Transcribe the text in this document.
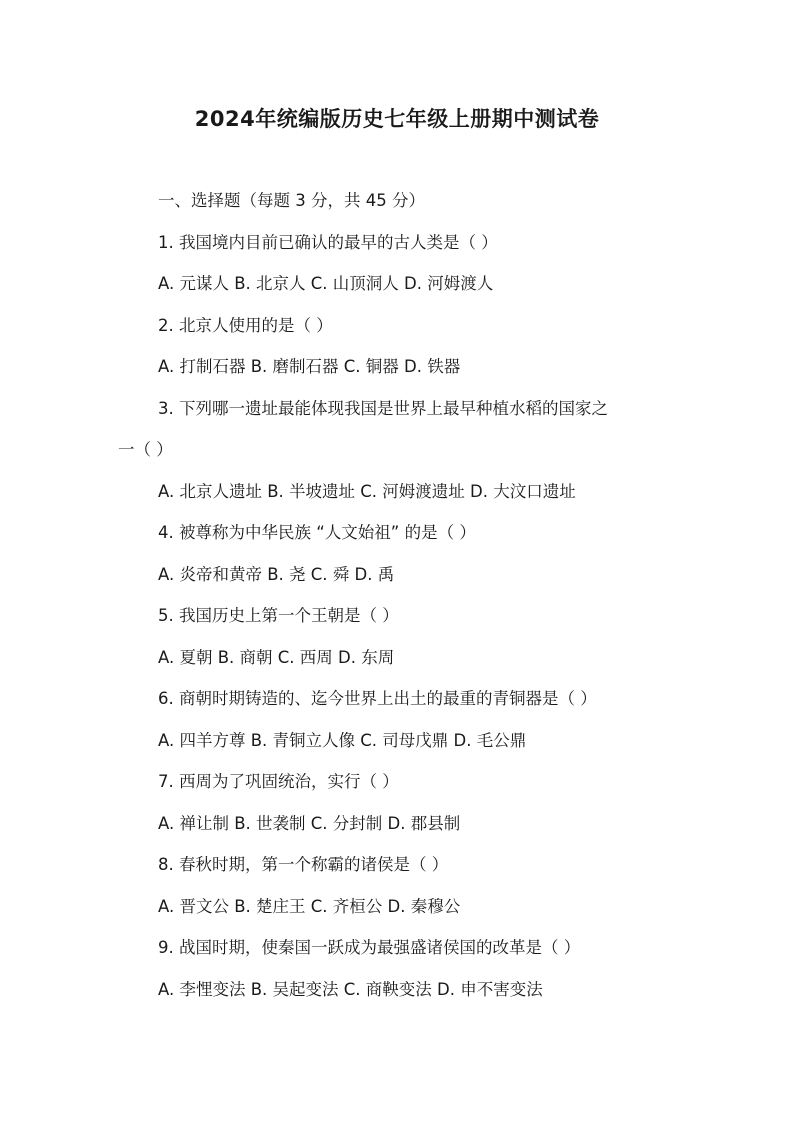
2024年统编版历史七年级上册期中测试卷
一、选择题（每题 3 分，共 45 分）
1. 我国境内目前已确认的最早的古人类是（ ）
A. 元谋人 B. 北京人 C. 山顶洞人 D. 河姆渡人
2. 北京人使用的是（ ）
A. 打制石器 B. 磨制石器 C. 铜器 D. 铁器
3. 下列哪一遗址最能体现我国是世界上最早种植水稻的国家之
一（ ）
A. 北京人遗址 B. 半坡遗址 C. 河姆渡遗址 D. 大汶口遗址
4. 被尊称为中华民族 “人文始祖” 的是（ ）
A. 炎帝和黄帝 B. 尧 C. 舜 D. 禹
5. 我国历史上第一个王朝是（ ）
A. 夏朝 B. 商朝 C. 西周 D. 东周
6. 商朝时期铸造的、迄今世界上出土的最重的青铜器是（ ）
A. 四羊方尊 B. 青铜立人像 C. 司母戊鼎 D. 毛公鼎
7. 西周为了巩固统治，实行（ ）
A. 禅让制 B. 世袭制 C. 分封制 D. 郡县制
8. 春秋时期，第一个称霸的诸侯是（ ）
A. 晋文公 B. 楚庄王 C. 齐桓公 D. 秦穆公
9. 战国时期，使秦国一跃成为最强盛诸侯国的改革是（ ）
A. 李悝变法 B. 吴起变法 C. 商鞅变法 D. 申不害变法
